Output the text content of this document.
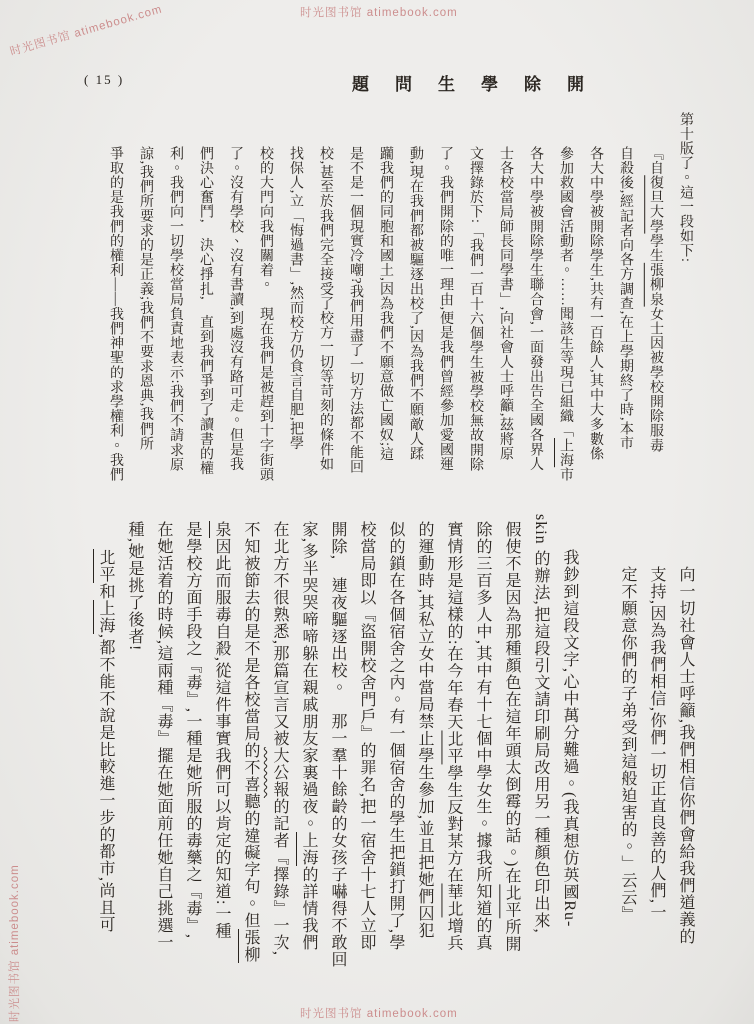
时光图书馆 atimebook.com	时光图书馆 atimebook.com
时光图书馆 atimebook.com	时光图书馆 atimebook.com
( 15 )	題問生學除開
第十版了。這一段如下:
『自復旦大學學生張柳泉女士因被學校開除服毒
自殺後,經記者向各方調查,在上學期終了時,本市
各大中學被開除學生,共有一百餘人,其中大多數係
參加救國會活動者。……聞該生等現已組織「上海市
各大中學被開除學生聯合會,一面發出告全國各界人
士各校當局師長同學書」,向社會人士呼籲,茲將原
文擇錄於下:「我們一百十六個學生被學校無故開除
了。我們開除的唯一理由,便是我們曾經參加愛國運
動,現在我們都被驅逐出校了,因為我們不願敵人蹂
躪我們的同胞和國土,因為我們不願意做亡國奴;這
是不是一個現實冷嘲?我們用盡了一切方法都不能回
校,甚至於我們完全接受了校方一切等苛刻的條件如
找保人,立「悔過書」,然而校方仍食言自肥,把學
校的大門向我們關着。　現在我們是被趕到十字街頭
了。沒有學校、沒有書讀,到處沒有路可走。但是我
們決心奮鬥,　決心掙扎,　直到我們爭到了讀書的權
利。我們向一切學校當局負責地表示:我們不請求原
諒,我們所要求的是正義;我們不要求恩典,我們所
爭取的是我們的權利——我們神聖的求學權利。我們
向一切社會人士呼籲,我們相信你們會給我們道義的
支持,因為我們相信,你們一切正直良善的人們,一
定不願意你們的子弟受到這般迫害的。」云云』

我鈔到這段文字,心中萬分難過。(我真想仿英國Ru-
skin 的辦法,把這段引文請印刷局改用另一種顏色印出來,
假使不是因為那種顏色在這年頭太倒霉的話。)在北平所開
除的三百多人中,其中有十七個中學女生。據我所知道的真
實情形是這樣的:在今年春天北平學生反對某方在華北增兵
的運動時,其私立女中當局禁止學生參加,並且把她們囚犯
似的鎖在各個宿舍之內。有一個宿舍的學生把鎖打開了,學
校當局即以『盜開校舍門戶』的罪名,把一宿舍十七人立即
開除,　連夜驅逐出校。　那一羣十餘齡的女孩子嚇得不敢回
家,多半哭哭啼啼躲在親戚朋友家裏過夜。上海的詳情我們
在北方不很熟悉,那篇宣言又被大公報的記者『擇錄』一次,
不知被節去的是不是各校當局的不喜聽的違礙字句。但張柳
泉因此而服毒自殺,從這件事實我們可以肯定的知道:一種
是學校方面手段之『毒』,一種是她所服的毒藥之『毒』,
在她活着的時候,這兩種『毒』擺在她面前任她自己挑選一
種,她是挑了後者!
北平和上海,都不能不說是比較進一步的都市,尚且可
